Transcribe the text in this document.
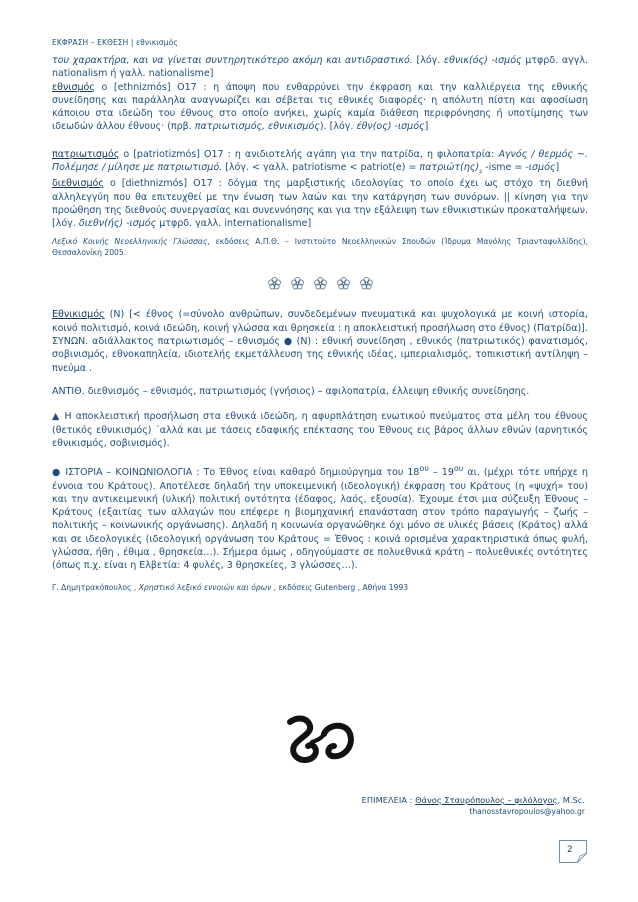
ΕΚΦΡΑΣΗ – ΕΚΘΕΣΗ | εθνικισμός

του χαρακτήρα, και να γίνεται συντηρητικότερο ακόμη και αντιδραστικό. [λόγ. εθνικ(ός) -ισμός μτφρδ. αγγλ. nationalism ή γαλλ. nationalisme]

εθνισμός ο [ethnizmós] Ο17 : η άποψη που ενθαρρύνει την έκφραση και την καλλιέργεια της εθνικής συνείδησης και παράλληλα αναγνωρίζει και σέβεται τις εθνικές διαφορές· η απόλυτη πίστη και αφοσίωση κάποιου στα ιδεώδη του έθνους στο οποίο ανήκει, χωρίς καμία διάθεση περιφρόνησης ή υποτίμησης των ιδεωδών άλλου έθνους· (πρβ. πατριωτισμός, εθνικισμός). [λόγ. έθν(ος) -ισμός]

πατριωτισμός ο [patriotizmós] Ο17 : η ανιδιοτελής αγάπη για την πατρίδα, η φιλοπατρία: Αγνός / θερμός ~. Πολέμησε / μίλησε με πατριωτισμό. [λόγ. < γαλλ. patriotisme < patriot(e) = $\pi\alpha\tau\rho\iota ώ\tau(\eta\varsigma)_{_2}$ -isme = -ισμός]

διεθνισμός ο [diethnizmós] Ο17 : δόγμα της μαρξιστικής ιδεολογίας το οποίο έχει ως στόχο τη διεθνή αλληλεγγύη που θα επιτευχθεί με την ένωση των λαών και την κατάργηση των συνόρων. || κίνηση για την προώθηση της διεθνούς συνεργασίας και συνεννόησης και για την εξάλειψη των εθνικιστικών προκαταλήψεων. [λόγ. διεθν(ής) -ισμός μτφρδ. γαλλ. internationalisme]

Λεξικό Κοινής Νεοελληνικής Γλώσσας, εκδόσεις Α.Π.Θ. – Ινστιτούτο Νεοελληνικών Σπουδών (Ίδρυμα Μανόλης Τριανταφυλλίδης), Θεσσαλονίκη 2005.

Εθνικισμός (Ν) [< έθνος (=σύνολο ανθρώπων, συνδεδεμένων πνευματικά και ψυχολογικά με κοινή ιστορία, κοινό πολιτισμό, κοινά ιδεώδη, κοινή γλώσσα και θρησκεία : η αποκλειστική προσήλωση στο έθνος) (Πατρίδα)].

ΣΥΝΩΝ. αδιάλλακτος πατριωτισμός – εθνισμός ● (Ν) : εθνική συνείδηση , εθνικός (πατριωτικός) φανατισμός, σοβινισμός, εθνοκαπηλεία, ιδιοτελής εκμετάλλευση της εθνικής ιδέας, ιμπεριαλισμός, τοπικιστική αντίληψη – πνεύμα .

ΑΝΤΙΘ. διεθνισμός – εθνισμός, πατριωτισμός (γνήσιος) – αφιλοπατρία, έλλειψη εθνικής συνείδησης.

▲ Η αποκλειστική προσήλωση στα εθνικά ιδεώδη, η αφυρπλάτηση ενωτικού πνεύματος στα μέλη του έθνους (θετικός εθνικισμός) ΄αλλά και με τάσεις εδαφικής επέκτασης του Έθνους εις βάρος άλλων εθνών (αρνητικός εθνικισμός, σοβινισμός).

● ΙΣΤΟΡΙΑ – ΚΟΙΝΩΝΙΟΛΟΓΙΑ : Το Έθνος είναι καθαρό δημιούργημα του $18^{o\upsilon} - 19^{o\upsilon}$ αι. (μέχρι τότε υπήρχε η έννοια του Κράτους). Αποτέλεσε δηλαδή την υποκειμενική (ιδεολογική) έκφραση του Κράτους (η «ψυχή» του) και την αντικειμενική (υλική) πολιτική οντότητα (έδαφος, λαός, εξουσία). Έχουμε έτσι μια σύζευξη Έθνους – Κράτους (εξαιτίας των αλλαγών που επέφερε η βιομηχανική επανάσταση στον τρόπο παραγωγής – ζωής – πολιτικής – κοινωνικής οργάνωσης). Δηλαδή η κοινωνία οργανώθηκε όχι μόνο σε υλικές βάσεις (Κράτος) αλλά και σε ιδεολογικές (ιδεολογική οργάνωση του Κράτους = Έθνος : κοινά ορισμένα χαρακτηριστικά όπως φυλή, γλώσσα, ήθη , έθιμα , θρησκεία…). Σήμερα όμως , οδηγούμαστε σε πολυεθνικά κράτη – πολυεθνικές οντότητες (όπως π.χ. είναι η Ελβετία: 4 φυλές, 3 θρησκείες, 3 γλώσσες…).

Γ. Δημητρακόπουλος , Χρηστικό λεξικό εννοιών και όρων , εκδόσεις Gutenberg , Αθήνα 1993

ΕΠΙΜΕΛΕΙΑ : Θάνος Σταυρόπουλος – φιλόλογος, M.Sc.
thanosstavropoulos@yahoo.gr
2
